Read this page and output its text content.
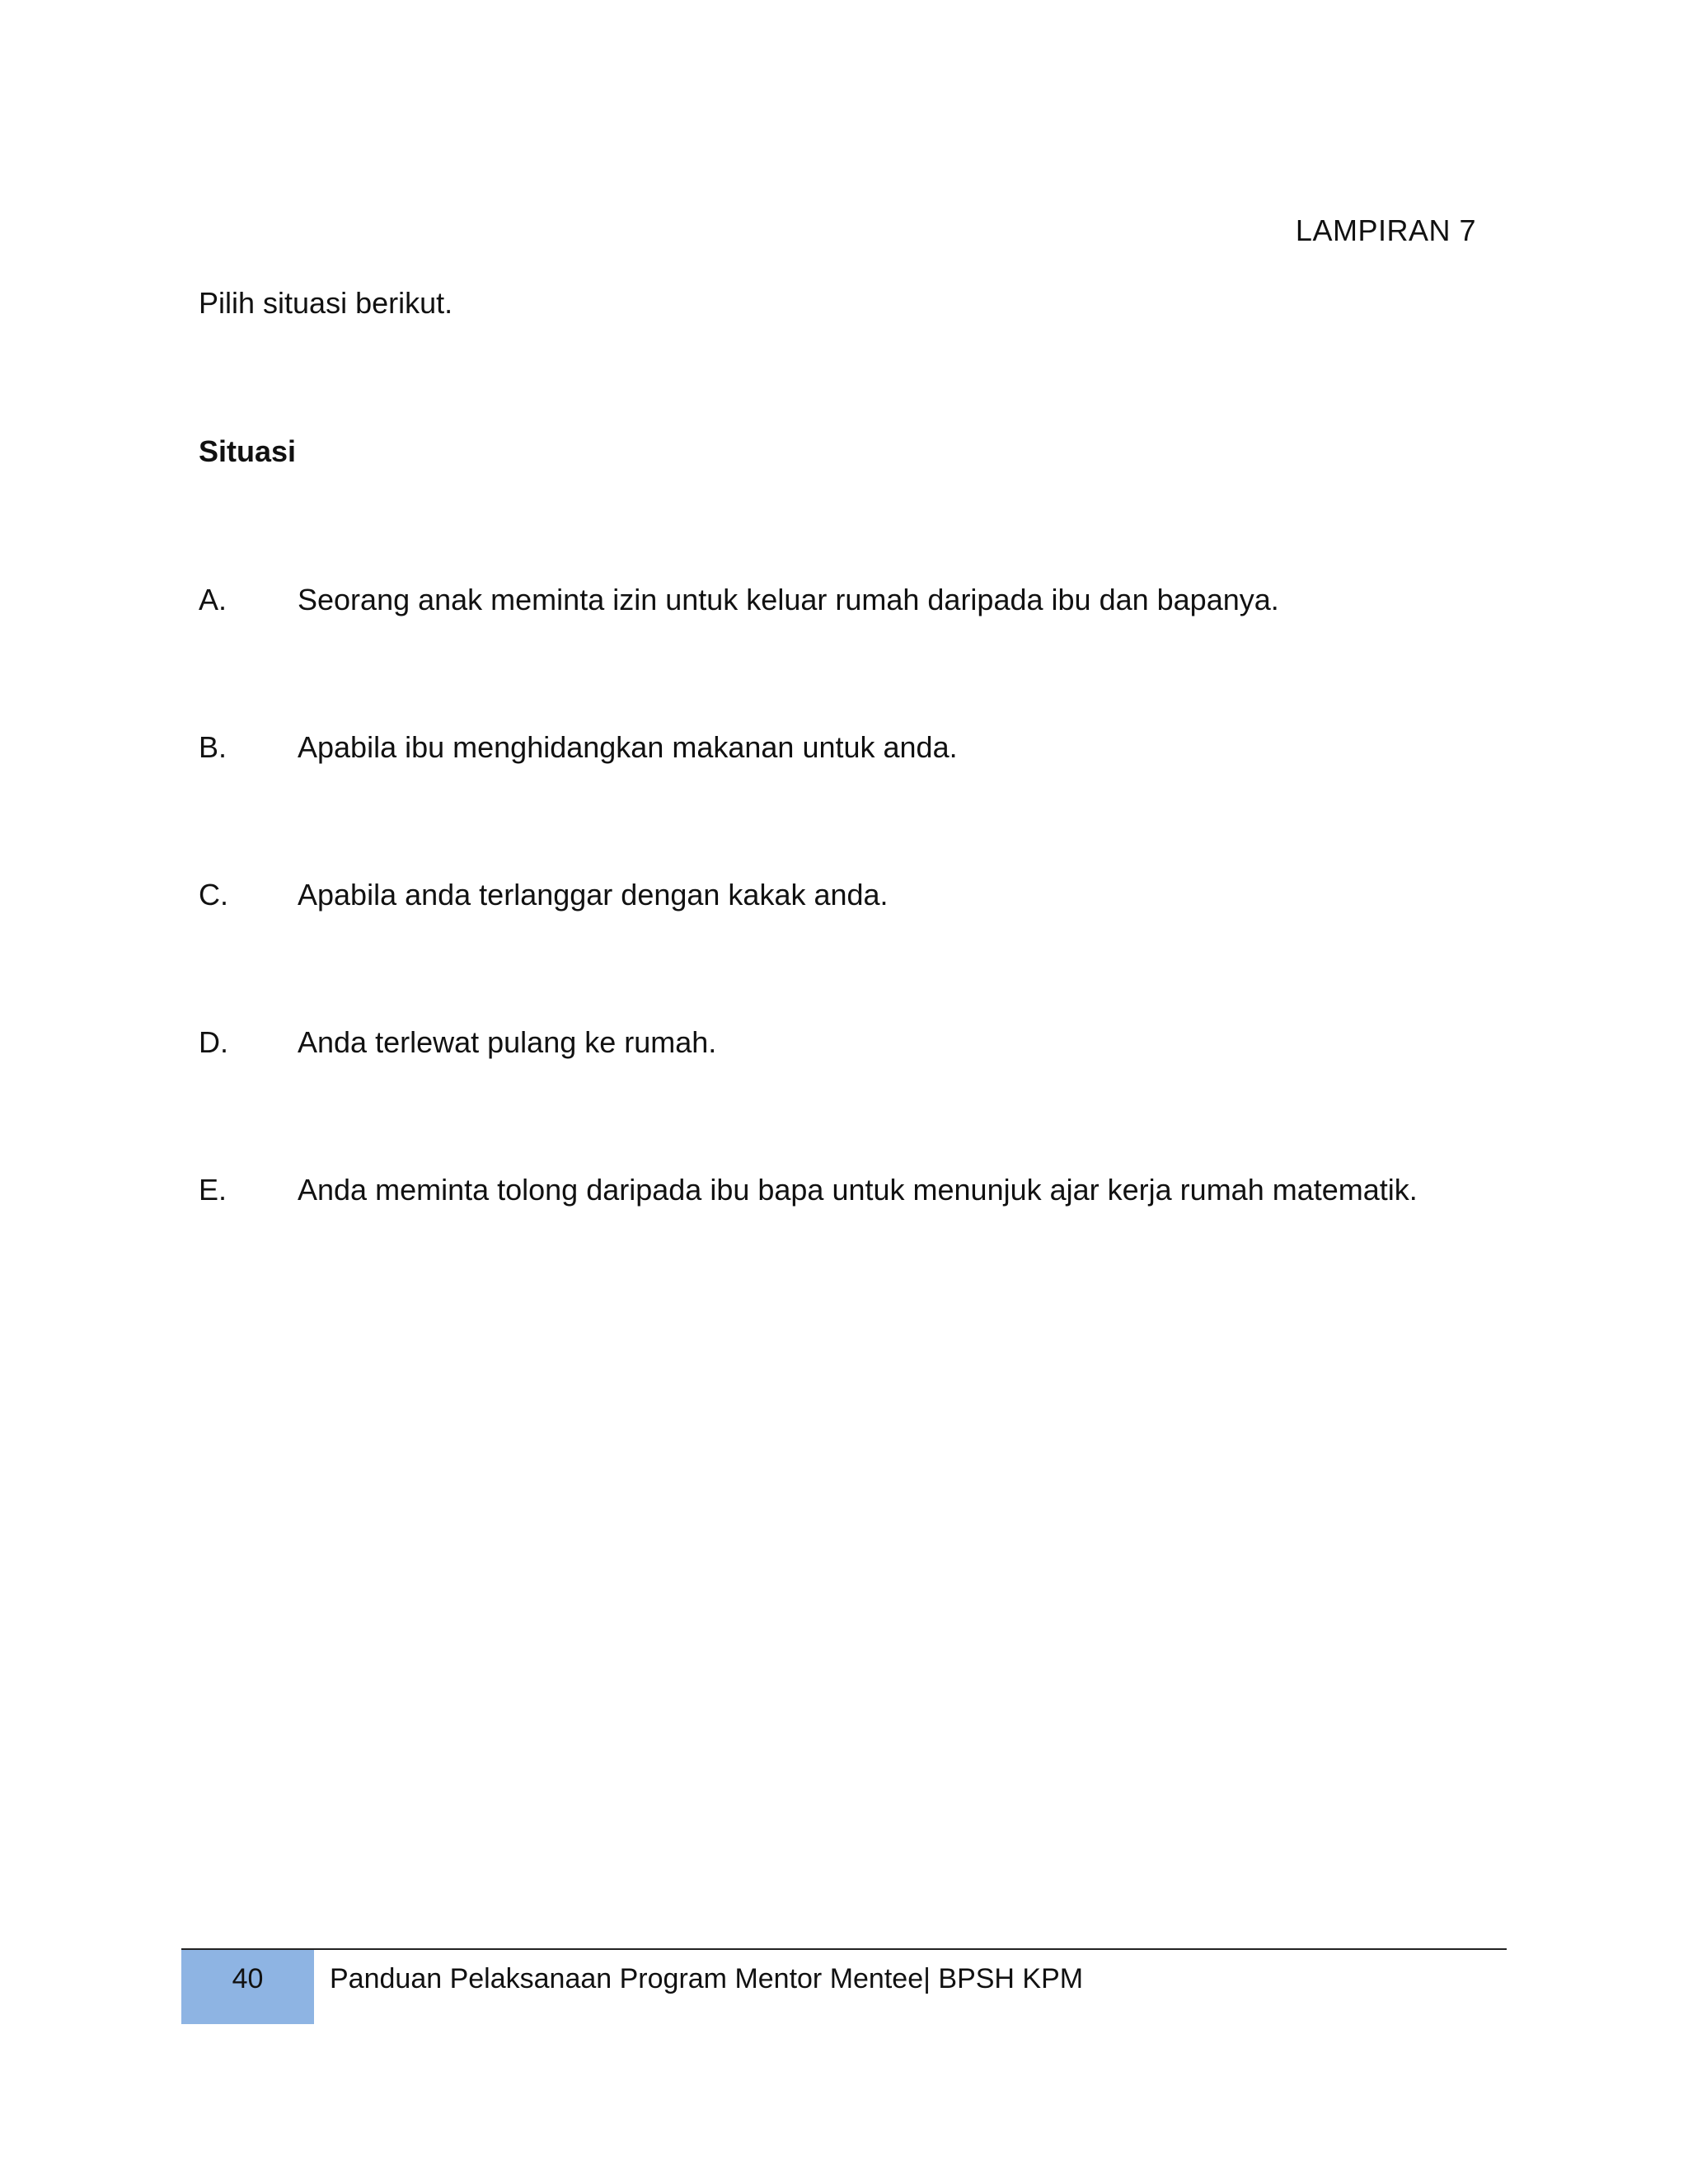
LAMPIRAN 7
Pilih situasi berikut.
Situasi
A.	Seorang anak meminta izin untuk keluar rumah daripada ibu dan bapanya.
B.	Apabila ibu menghidangkan makanan untuk anda.
C.	Apabila anda terlanggar dengan kakak anda.
D.	Anda terlewat pulang ke rumah.
E.	Anda meminta tolong daripada ibu bapa untuk menunjuk ajar kerja rumah matematik.
40	Panduan Pelaksanaan Program Mentor Mentee| BPSH KPM
